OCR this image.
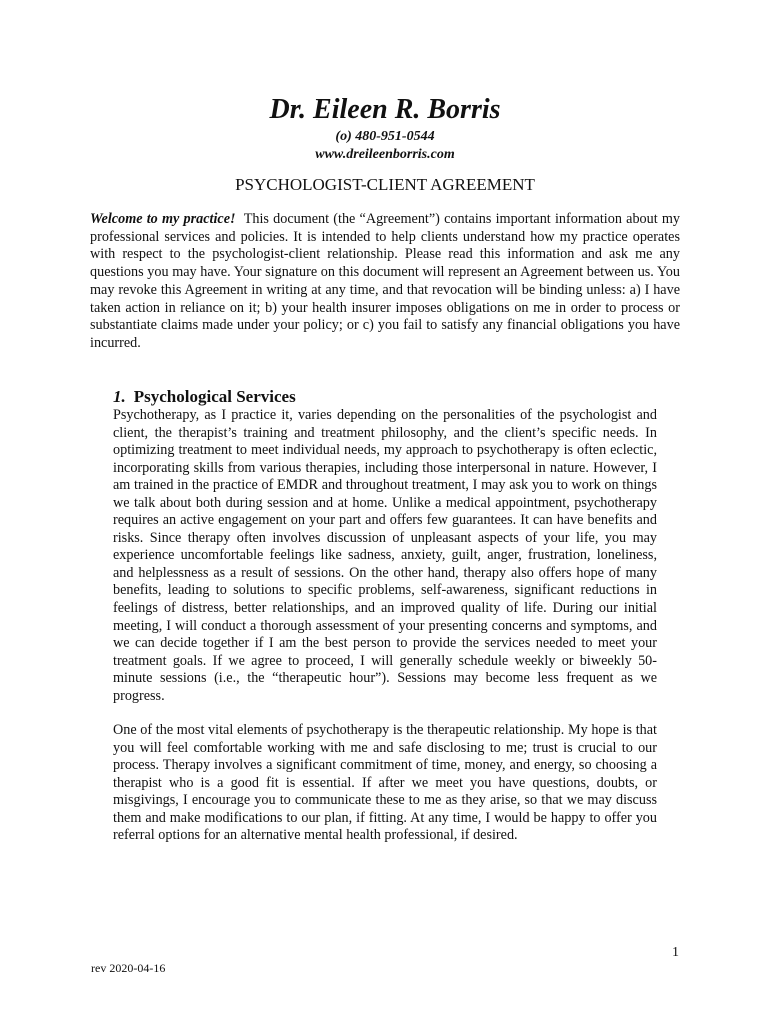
Dr. Eileen R. Borris

(o) 480-951-0544

www.dreileenborris.com

PSYCHOLOGIST-CLIENT AGREEMENT

Welcome to my practice! This document (the “Agreement”) contains important information about my professional services and policies. It is intended to help clients understand how my practice operates with respect to the psychologist-client relationship. Please read this information and ask me any questions you may have. Your signature on this document will represent an Agreement between us. You may revoke this Agreement in writing at any time, and that revocation will be binding unless: a) I have taken action in reliance on it; b) your health insurer imposes obligations on me in order to process or substantiate claims made under your policy; or c) you fail to satisfy any financial obligations you have incurred.

1. Psychological Services

Psychotherapy, as I practice it, varies depending on the personalities of the psychologist and client, the therapist’s training and treatment philosophy, and the client’s specific needs. In optimizing treatment to meet individual needs, my approach to psychotherapy is often eclectic, incorporating skills from various therapies, including those interpersonal in nature. However, I am trained in the practice of EMDR and throughout treatment, I may ask you to work on things we talk about both during session and at home. Unlike a medical appointment, psychotherapy requires an active engagement on your part and offers few guarantees. It can have benefits and risks. Since therapy often involves discussion of unpleasant aspects of your life, you may experience uncomfortable feelings like sadness, anxiety, guilt, anger, frustration, loneliness, and helplessness as a result of sessions. On the other hand, therapy also offers hope of many benefits, leading to solutions to specific problems, self-awareness, significant reductions in feelings of distress, better relationships, and an improved quality of life. During our initial meeting, I will conduct a thorough assessment of your presenting concerns and symptoms, and we can decide together if I am the best person to provide the services needed to meet your treatment goals. If we agree to proceed, I will generally schedule weekly or biweekly 50-minute sessions (i.e., the “therapeutic hour”). Sessions may become less frequent as we progress.

One of the most vital elements of psychotherapy is the therapeutic relationship. My hope is that you will feel comfortable working with me and safe disclosing to me; trust is crucial to our process. Therapy involves a significant commitment of time, money, and energy, so choosing a therapist who is a good fit is essential. If after we meet you have questions, doubts, or misgivings, I encourage you to communicate these to me as they arise, so that we may discuss them and make modifications to our plan, if fitting. At any time, I would be happy to offer you referral options for an alternative mental health professional, if desired.

1
rev 2020-04-16
